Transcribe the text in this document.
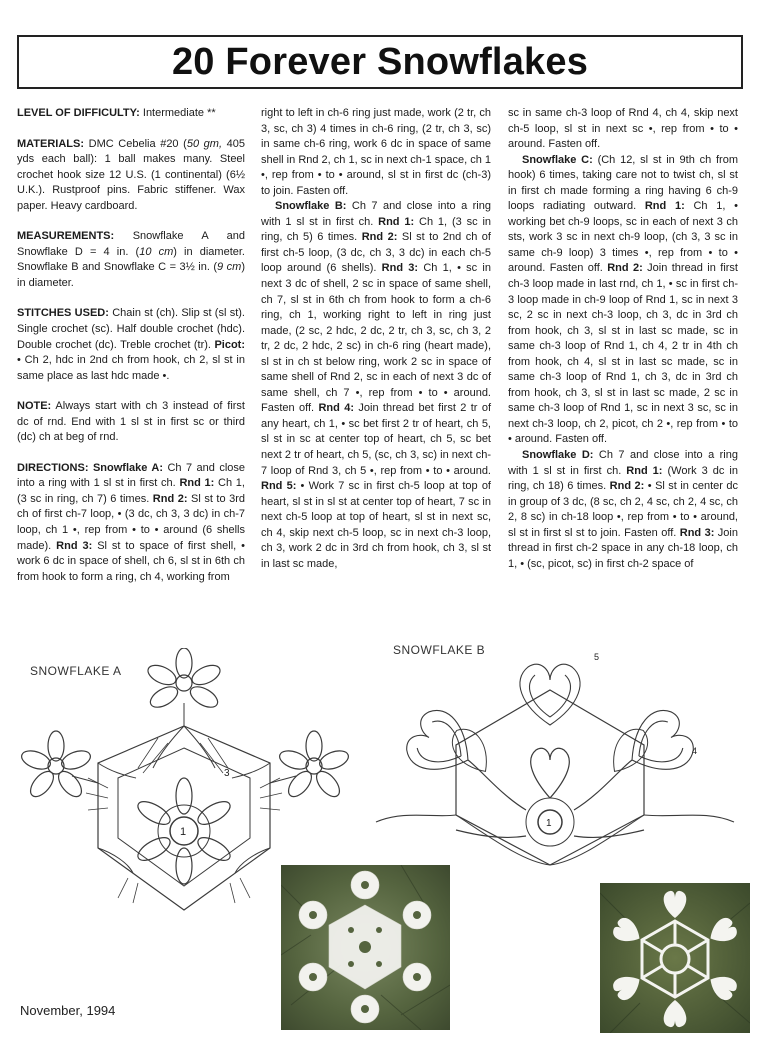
20 Forever Snowflakes

LEVEL OF DIFFICULTY: Intermediate **

MATERIALS: DMC Cebelia #20 (50 gm, 405 yds each ball): 1 ball makes many. Steel crochet hook size 12 U.S. (1 continental) (6½ U.K.). Rustproof pins. Fabric stiffener. Wax paper. Heavy cardboard.

MEASUREMENTS: Snowflake A and Snowflake D = 4 in. (10 cm) in diameter. Snowflake B and Snowflake C = 3½ in. (9 cm) in diameter.

STITCHES USED: Chain st (ch). Slip st (sl st). Single crochet (sc). Half double crochet (hdc). Double crochet (dc). Treble crochet (tr). Picot: • Ch 2, hdc in 2nd ch from hook, ch 2, sl st in same place as last hdc made •.

NOTE: Always start with ch 3 instead of first dc of rnd. End with 1 sl st in first sc or third (dc) ch at beg of rnd.

DIRECTIONS: Snowflake A: Ch 7 and close into a ring with 1 sl st in first ch. Rnd 1: Ch 1, (3 sc in ring, ch 7) 6 times. Rnd 2: Sl st to 3rd ch of first ch-7 loop, • (3 dc, ch 3, 3 dc) in ch-7 loop, ch 1 •, rep from • to • around (6 shells made). Rnd 3: Sl st to space of first shell, • work 6 dc in space of shell, ch 6, sl st in 6th ch from hook to form a ring, ch 4, working from

right to left in ch-6 ring just made, work (2 tr, ch 3, sc, ch 3) 4 times in ch-6 ring, (2 tr, ch 3, sc) in same ch-6 ring, work 6 dc in space of same shell in Rnd 2, ch 1, sc in next ch-1 space, ch 1 •, rep from • to • around, sl st in first dc (ch-3) to join. Fasten off.

Snowflake B: Ch 7 and close into a ring with 1 sl st in first ch. Rnd 1: Ch 1, (3 sc in ring, ch 5) 6 times. Rnd 2: Sl st to 2nd ch of first ch-5 loop, (3 dc, ch 3, 3 dc) in each ch-5 loop around (6 shells). Rnd 3: Ch 1, • sc in next 3 dc of shell, 2 sc in space of same shell, ch 7, sl st in 6th ch from hook to form a ch-6 ring, ch 1, working right to left in ring just made, (2 sc, 2 hdc, 2 dc, 2 tr, ch 3, sc, ch 3, 2 tr, 2 dc, 2 hdc, 2 sc) in ch-6 ring (heart made), sl st in ch st below ring, work 2 sc in space of same shell of Rnd 2, sc in each of next 3 dc of same shell, ch 7 •, rep from • to • around. Fasten off. Rnd 4: Join thread bet first 2 tr of any heart, ch 1, • sc bet first 2 tr of heart, ch 5, sl st in sc at center top of heart, ch 5, sc bet next 2 tr of heart, ch 5, (sc, ch 3, sc) in next ch-7 loop of Rnd 3, ch 5 •, rep from • to • around. Rnd 5: • Work 7 sc in first ch-5 loop at top of heart, sl st in sl st at center top of heart, 7 sc in next ch-5 loop at top of heart, sl st in next sc, ch 4, skip next ch-5 loop, sc in next ch-3 loop, ch 3, work 2 dc in 3rd ch from hook, ch 3, sl st in last sc made,

sc in same ch-3 loop of Rnd 4, ch 4, skip next ch-5 loop, sl st in next sc •, rep from • to • around. Fasten off.

Snowflake C: (Ch 12, sl st in 9th ch from hook) 6 times, taking care not to twist ch, sl st in first ch made forming a ring having 6 ch-9 loops radiating outward. Rnd 1: Ch 1, • working bet ch-9 loops, sc in each of next 3 ch sts, work 3 sc in next ch-9 loop, (ch 3, 3 sc in same ch-9 loop) 3 times •, rep from • to • around. Fasten off. Rnd 2: Join thread in first ch-3 loop made in last rnd, ch 1, • sc in first ch-3 loop made in ch-9 loop of Rnd 1, sc in next 3 sc, 2 sc in next ch-3 loop, ch 3, dc in 3rd ch from hook, ch 3, sl st in last sc made, sc in same ch-3 loop of Rnd 1, ch 4, 2 tr in 4th ch from hook, ch 4, sl st in last sc made, sc in same ch-3 loop of Rnd 1, ch 3, dc in 3rd ch from hook, ch 3, sl st in last sc made, 2 sc in same ch-3 loop of Rnd 1, sc in next 3 sc, sc in next ch-3 loop, ch 2, picot, ch 2 •, rep from • to • around. Fasten off.

Snowflake D: Ch 7 and close into a ring with 1 sl st in first ch. Rnd 1: (Work 3 dc in ring, ch 18) 6 times. Rnd 2: • Sl st in center dc in group of 3 dc, (8 sc, ch 2, 4 sc, ch 2, 4 sc, ch 2, 8 sc) in ch-18 loop •, rep from • to • around, sl st in first sl st to join. Fasten off. Rnd 3: Join thread in first ch-2 space in any ch-18 loop, ch 1, • (sc, picot, sc) in first ch-2 space of

SNOWFLAKE A
SNOWFLAKE B
1
3
1
5
4
November, 1994
